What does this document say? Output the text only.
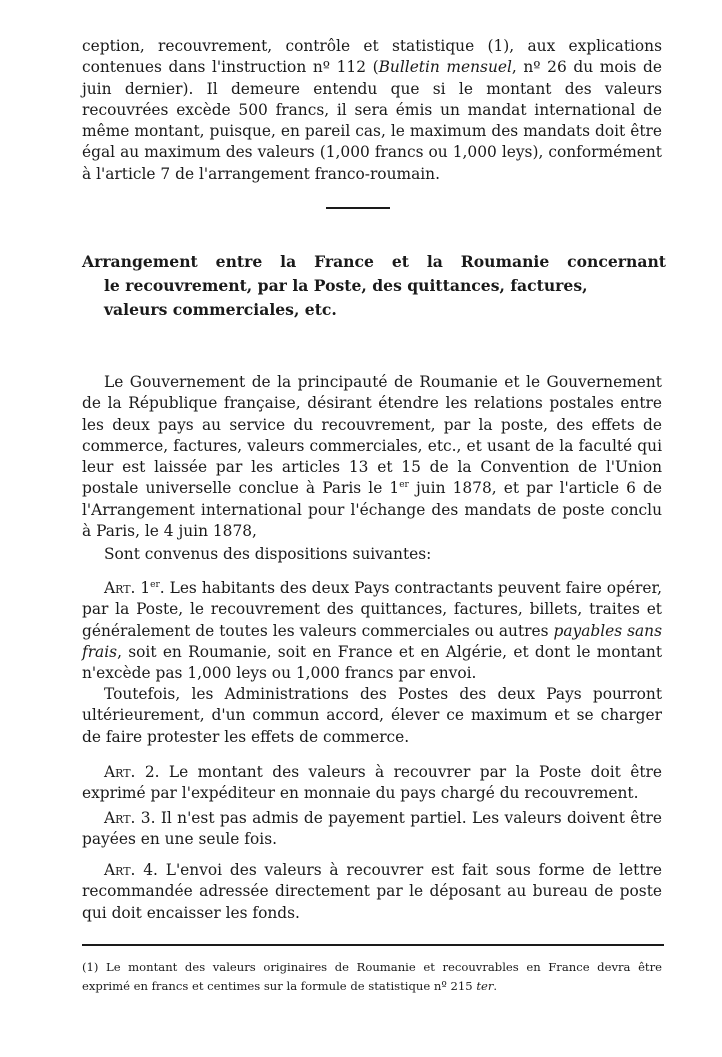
ception, recouvrement, contrôle et statistique (1), aux explications contenues dans l'instruction nº 112 (Bulletin mensuel, nº 26 du mois de juin dernier). Il demeure entendu que si le montant des valeurs recouvrées excède 500 francs, il sera émis un mandat international de même montant, puisque, en pareil cas, le maximum des mandats doit être égal au maximum des valeurs (1,000 francs ou 1,000 leys), conformément à l'article 7 de l'arrangement franco-roumain.

Arrangement entre la France et la Roumanie concernant
le recouvrement, par la Poste, des quittances, factures,
valeurs commerciales, etc.

Le Gouvernement de la principauté de Roumanie et le Gouvernement de la République française, désirant étendre les relations postales entre les deux pays au service du recouvrement, par la poste, des effets de commerce, factures, valeurs commerciales, etc., et usant de la faculté qui leur est laissée par les articles 13 et 15 de la Convention de l'Union postale universelle conclue à Paris le 1er juin 1878, et par l'article 6 de l'Arrangement international pour l'échange des mandats de poste conclu à Paris, le 4 juin 1878,

Sont convenus des dispositions suivantes:

Art. 1er. Les habitants des deux Pays contractants peuvent faire opérer, par la Poste, le recouvrement des quittances, factures, billets, traites et généralement de toutes les valeurs commerciales ou autres payables sans frais, soit en Roumanie, soit en France et en Algérie, et dont le montant n'excède pas 1,000 leys ou 1,000 francs par envoi.

Toutefois, les Administrations des Postes des deux Pays pourront ultérieurement, d'un commun accord, élever ce maximum et se charger de faire protester les effets de commerce.

Art. 2. Le montant des valeurs à recouvrer par la Poste doit être exprimé par l'expéditeur en monnaie du pays chargé du recouvrement.

Art. 3. Il n'est pas admis de payement partiel. Les valeurs doivent être payées en une seule fois.

Art. 4. L'envoi des valeurs à recouvrer est fait sous forme de lettre recommandée adressée directement par le déposant au bureau de poste qui doit encaisser les fonds.

(1) Le montant des valeurs originaires de Roumanie et recouvrables en France devra être exprimé en francs et centimes sur la formule de statistique nº 215 ter.
